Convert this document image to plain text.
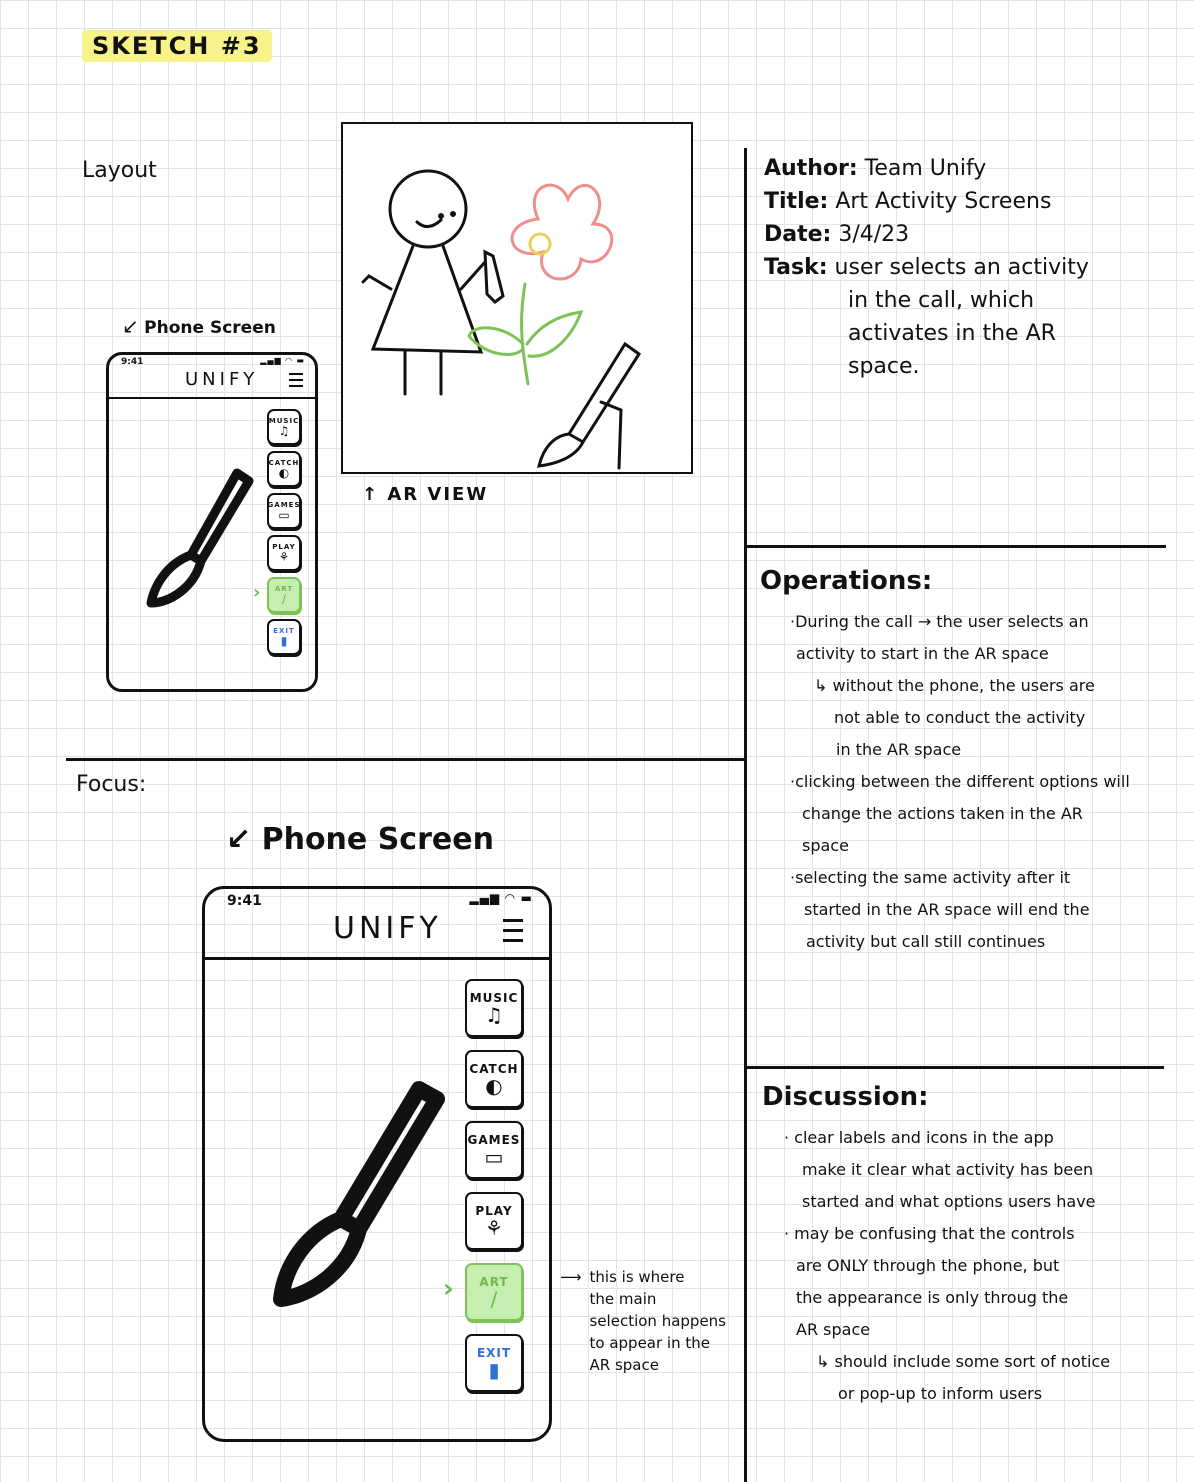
SKETCH #3
Layout
Focus:
Operations:
Discussion:
Author: Team Unify
Title: Art Activity Screens
Date: 3/4/23
Task: user selects an activity
in the call, which
activates in the AR
space.
·During the call → the user selects an
activity to start in the AR space
↳ without the phone, the users are
not able to conduct the activity
in the AR space
·clicking between the different options will
change the actions taken in the AR
space
·selecting the same activity after it
started in the AR space will end the
activity but call still continues
· clear labels and icons in the app
make it clear what activity has been
started and what options users have
· may be confusing that the controls
are ONLY through the phone, but
the appearance is only throug the
AR space
↳ should include some sort of notice
or pop-up to inform users
↙ Phone Screen
↙ Phone Screen
↑ AR VIEW
⟶ this is where
the main
selection happens
to appear in the
AR space
9:41	▂▄▆ ◠ ▬
UNIFY
MUSIC
♫
CATCH
◐
GAMES
▭
PLAY
⚘
ART
∕
›
EXIT
▮
9:41	▂▄▆ ◠ ▬
UNIFY
MUSIC
♫
CATCH
◐
GAMES
▭
PLAY
⚘
ART
∕
›
EXIT
▮
